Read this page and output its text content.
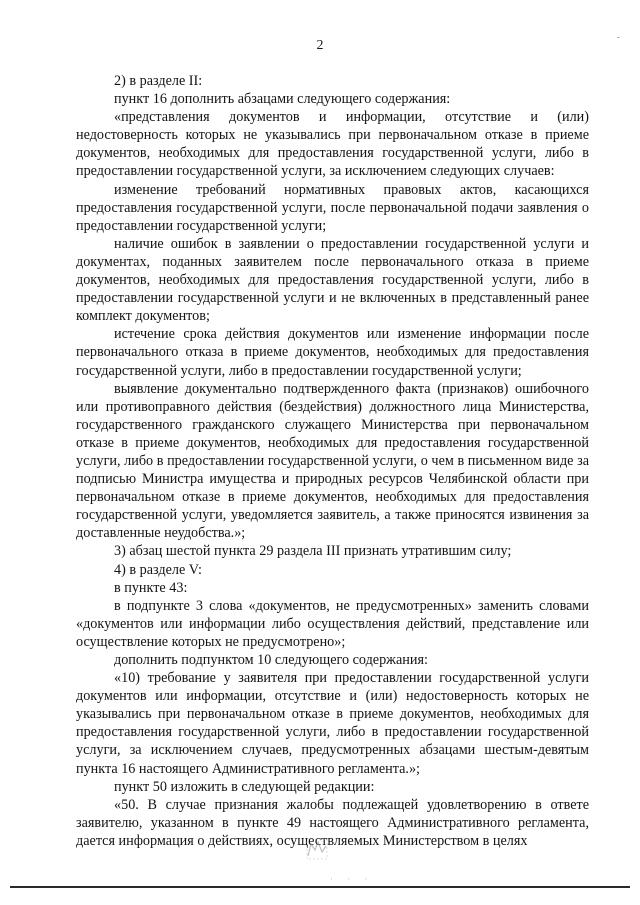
2
-

2) в разделе II:

пункт 16 дополнить абзацами следующего содержания:

«представления документов и информации, отсутствие и (или) недостоверность которых не указывались при первоначальном отказе в приеме документов, необходимых для предоставления государственной услуги, либо в предоставлении государственной услуги, за исключением следующих случаев:

изменение требований нормативных правовых актов, касающихся предоставления государственной услуги, после первоначальной подачи заявления о предоставлении государственной услуги;

наличие ошибок в заявлении о предоставлении государственной услуги и документах, поданных заявителем после первоначального отказа в приеме документов, необходимых для предоставления государственной услуги, либо в предоставлении государственной услуги и не включенных в представленный ранее комплект документов;

истечение срока действия документов или изменение информации после первоначального отказа в приеме документов, необходимых для предоставления государственной услуги, либо в предоставлении государственной услуги;

выявление документально подтвержденного факта (признаков) ошибочного или противоправного действия (бездействия) должностного лица Министерства, государственного гражданского служащего Министерства при первоначальном отказе в приеме документов, необходимых для предоставления государственной услуги, либо в предоставлении государственной услуги, о чем в письменном виде за подписью Министра имущества и природных ресурсов Челябинской области при первоначальном отказе в приеме документов, необходимых для предоставления государственной услуги, уведомляется заявитель, а также приносятся извинения за доставленные неудобства.»;

3) абзац шестой пункта 29 раздела III признать утратившим силу;

4) в разделе V:

в пункте 43:

в подпункте 3 слова «документов, не предусмотренных» заменить словами «документов или информации либо осуществления действий, представление или осуществление которых не предусмотрено»;

дополнить подпунктом 10 следующего содержания:

«10) требование у заявителя при предоставлении государственной услуги документов или информации, отсутствие и (или) недостоверность которых не указывались при первоначальном отказе в приеме документов, необходимых для предоставления государственной услуги, либо в предоставлении государственной услуги, за исключением случаев, предусмотренных абзацами шестым-девятым пункта 16 настоящего Административного регламента.»;

пункт 50 изложить в следующей редакции:

«50. В случае признания жалобы подлежащей удовлетворению в ответе заявителю, указанном в пункте 49 настоящего Административного регламента, дается информация о действиях, осуществляемых Министерством в целях

· · ·
